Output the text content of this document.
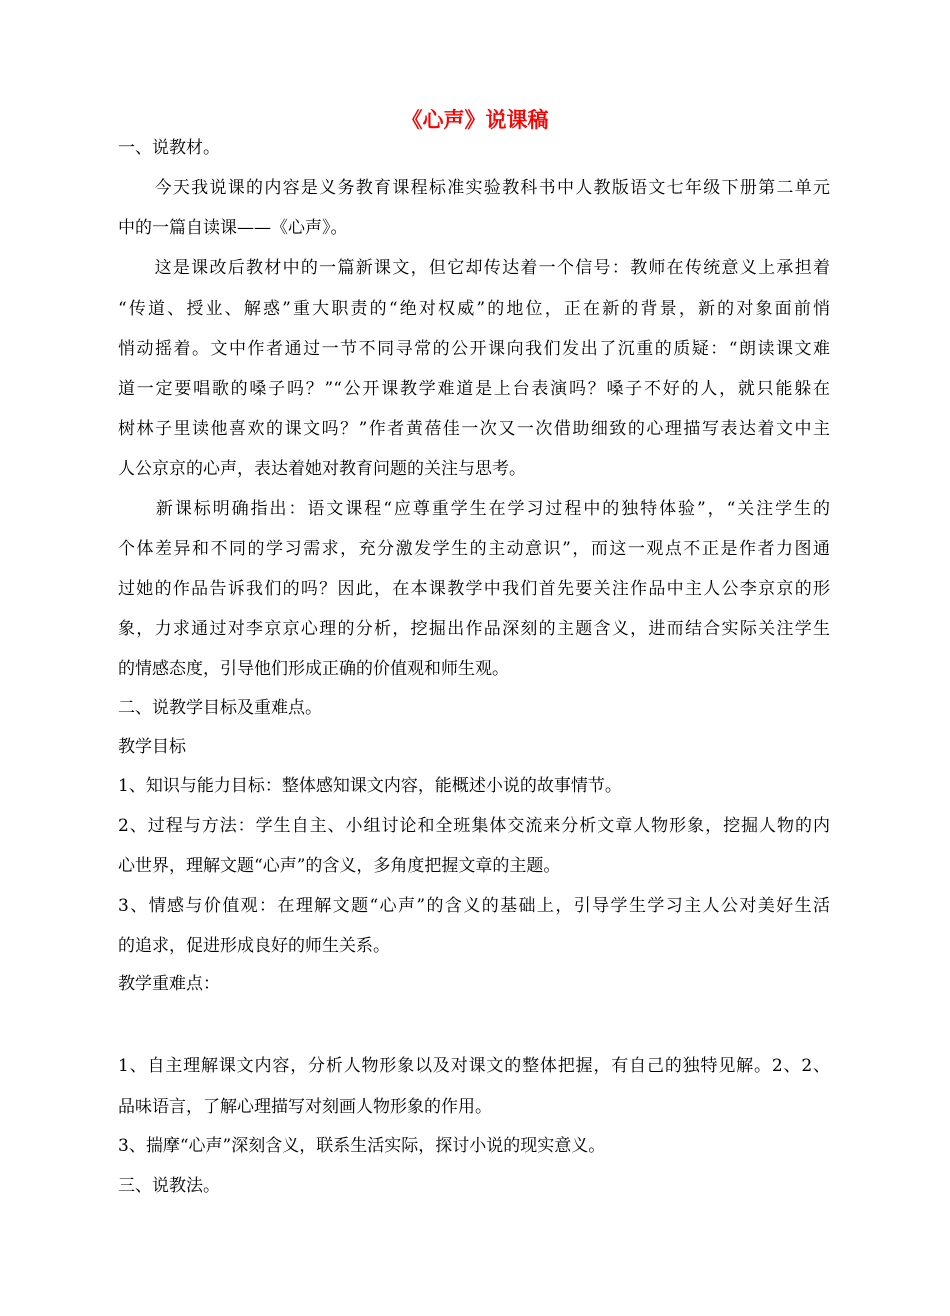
《心声》说课稿
一、说教材。
　　今天我说课的内容是义务教育课程标准实验教科书中人教版语文七年级下册第二单元
中的一篇自读课——《心声》。
　　这是课改后教材中的一篇新课文，但它却传达着一个信号：教师在传统意义上承担着
“传道、授业、解惑”重大职责的“绝对权威”的地位，正在新的背景，新的对象面前悄
悄动摇着。文中作者通过一节不同寻常的公开课向我们发出了沉重的质疑：“朗读课文难
道一定要唱歌的嗓子吗？”“公开课教学难道是上台表演吗？嗓子不好的人，就只能躲在
树林子里读他喜欢的课文吗？”作者黄蓓佳一次又一次借助细致的心理描写表达着文中主
人公京京的心声，表达着她对教育问题的关注与思考。
　　新课标明确指出：语文课程“应尊重学生在学习过程中的独特体验”，“关注学生的
个体差异和不同的学习需求，充分激发学生的主动意识”，而这一观点不正是作者力图通
过她的作品告诉我们的吗？因此，在本课教学中我们首先要关注作品中主人公李京京的形
象，力求通过对李京京心理的分析，挖掘出作品深刻的主题含义，进而结合实际关注学生
的情感态度，引导他们形成正确的价值观和师生观。
二、说教学目标及重难点。
教学目标
1、知识与能力目标：整体感知课文内容，能概述小说的故事情节。
2、过程与方法：学生自主、小组讨论和全班集体交流来分析文章人物形象，挖掘人物的内
心世界，理解文题“心声”的含义，多角度把握文章的主题。
3、情感与价值观：在理解文题“心声”的含义的基础上，引导学生学习主人公对美好生活
的追求，促进形成良好的师生关系。
教学重难点：
1、自主理解课文内容，分析人物形象以及对课文的整体把握，有自己的独特见解。2、2、
品味语言，了解心理描写对刻画人物形象的作用。
3、揣摩“心声”深刻含义，联系生活实际，探讨小说的现实意义。
三、说教法。
